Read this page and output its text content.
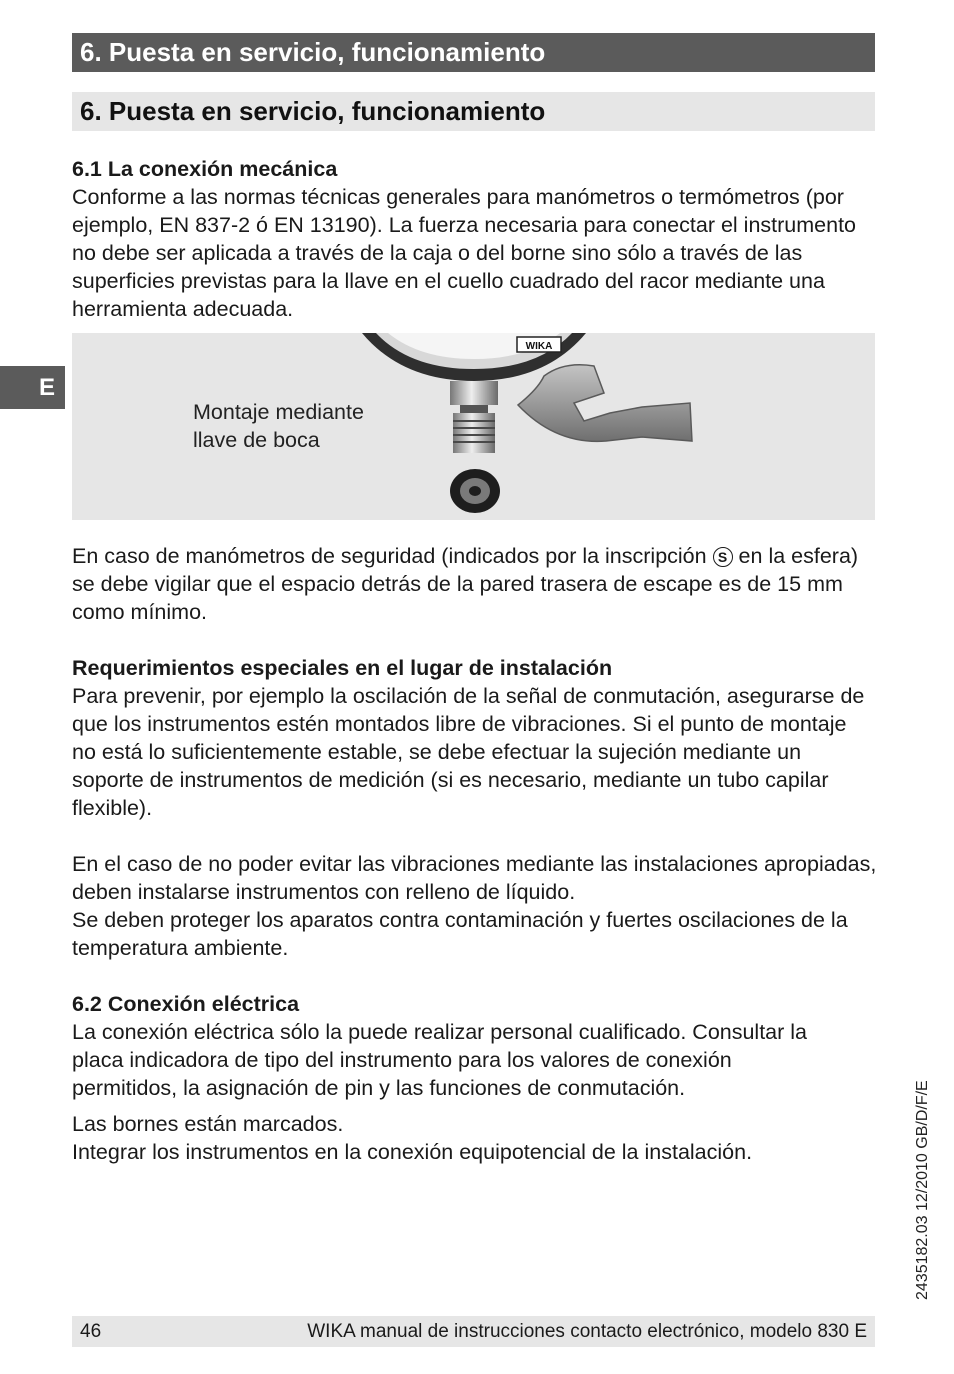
6. Puesta en servicio, funcionamiento
6. Puesta en servicio, funcionamiento
E

6.1 La conexión mecánica

Conforme a las normas técnicas generales para manómetros o termómetros (por ejemplo, EN 837-2 ó EN 13190). La fuerza necesaria para conectar el instrumento no debe ser aplicada a través de la caja o del borne sino sólo a través de las superficies previstas para la llave en el cuello cuadrado del racor mediante una herramienta adecuada.

Montaje mediante
llave de boca
WIKA

En caso de manómetros de seguridad (indicados por la inscripción S en la esfera) se debe vigilar que el espacio detrás de la pared trasera de escape es de 15 mm como mínimo.

Requerimientos especiales en el lugar de instalación

Para prevenir, por ejemplo la oscilación de la señal de conmutación, asegurarse de que los instrumentos estén montados libre de vibraciones. Si el punto de montaje no está lo suficientemente estable, se debe efectuar la sujeción mediante un soporte de instrumentos de medición (si es necesario, mediante un tubo capilar flexible).

En el caso de no poder evitar las vibraciones mediante las instalaciones apropiadas, deben instalarse instrumentos con relleno de líquido.

Se deben proteger los aparatos contra contaminación y fuertes oscilaciones de la temperatura ambiente.

6.2 Conexión eléctrica

La conexión eléctrica sólo la puede realizar personal cualificado. Consultar la placa indicadora de tipo del instrumento para los valores de conexión permitidos, la asignación de pin y las funciones de conmutación.

Las bornes están marcados.

Integrar los instrumentos en la conexión equipotencial de la instalación.	2435182.03 12/2010 GB/D/F/E
46	WIKA manual de instrucciones contacto electrónico, modelo 830 E
